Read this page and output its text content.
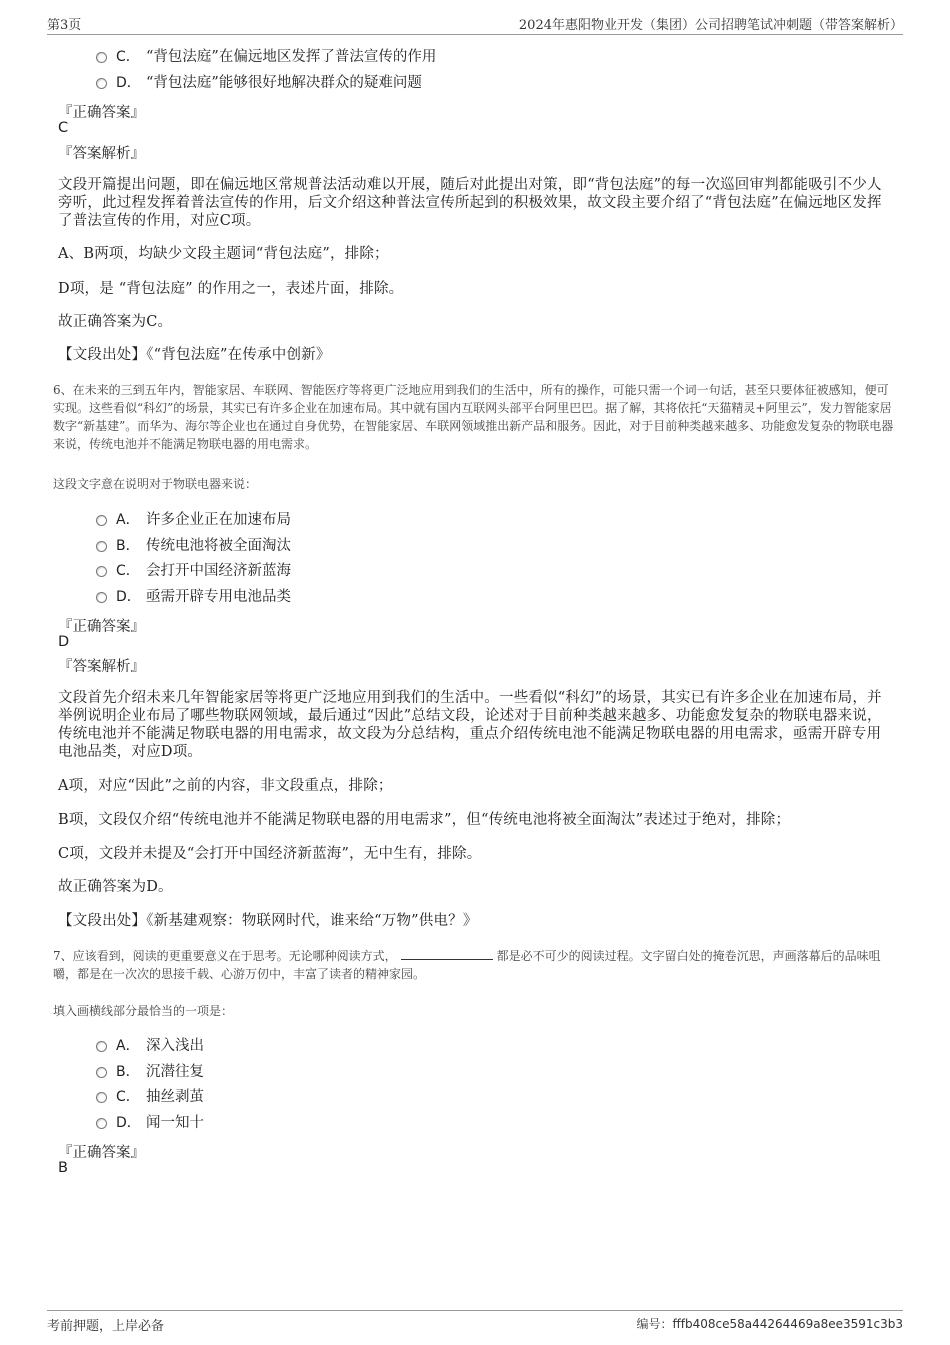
第3页	2024年惠阳物业开发（集团）公司招聘笔试冲刺题（带答案解析）
C． “背包法庭”在偏远地区发挥了普法宣传的作用
D． “背包法庭”能够很好地解决群众的疑难问题
『正确答案』
C
『答案解析』
文段开篇提出问题，即在偏远地区常规普法活动难以开展，随后对此提出对策，即“背包法庭”的每一次巡回审判都能吸引不少人旁听，此过程发挥着普法宣传的作用，后文介绍这种普法宣传所起到的积极效果，故文段主要介绍了“背包法庭”在偏远地区发挥了普法宣传的作用，对应C项。
A、B两项，均缺少文段主题词“背包法庭”，排除；
D项，是 “背包法庭” 的作用之一，表述片面，排除。
故正确答案为C。
【文段出处】《“背包法庭”在传承中创新》
6、在未来的三到五年内，智能家居、车联网、智能医疗等将更广泛地应用到我们的生活中，所有的操作，可能只需一个词一句话，甚至只要体征被感知，便可实现。这些看似“科幻”的场景，其实已有许多企业在加速布局。其中就有国内互联网头部平台阿里巴巴。据了解，其将依托“天猫精灵+阿里云”，发力智能家居数字“新基建”。而华为、海尔等企业也在通过自身优势，在智能家居、车联网领域推出新产品和服务。因此，对于目前种类越来越多、功能愈发复杂的物联电器来说，传统电池并不能满足物联电器的用电需求。
这段文字意在说明对于物联电器来说：
A． 许多企业正在加速布局
B． 传统电池将被全面淘汰
C． 会打开中国经济新蓝海
D． 亟需开辟专用电池品类
『正确答案』
D
『答案解析』
文段首先介绍未来几年智能家居等将更广泛地应用到我们的生活中。一些看似“科幻”的场景，其实已有许多企业在加速布局，并举例说明企业布局了哪些物联网领域，最后通过“因此”总结文段，论述对于目前种类越来越多、功能愈发复杂的物联电器来说，传统电池并不能满足物联电器的用电需求，故文段为分总结构，重点介绍传统电池不能满足物联电器的用电需求，亟需开辟专用电池品类，对应D项。
A项，对应“因此”之前的内容，非文段重点，排除；
B项，文段仅介绍“传统电池并不能满足物联电器的用电需求”，但“传统电池将被全面淘汰”表述过于绝对，排除；
C项，文段并未提及“会打开中国经济新蓝海”，无中生有，排除。
故正确答案为D。
【文段出处】《新基建观察：物联网时代，谁来给“万物”供电？》
7、应该看到，阅读的更重要意义在于思考。无论哪种阅读方式，	都是必不可少的阅读过程。文字留白处的掩卷沉思，声画落幕后的品味咀嚼，都是在一次次的思接千载、心游万仞中，丰富了读者的精神家园。
填入画横线部分最恰当的一项是：
A． 深入浅出
B． 沉潜往复
C． 抽丝剥茧
D． 闻一知十
『正确答案』
B
考前押题，上岸必备	编号：fffb408ce58a44264469a8ee3591c3b3
